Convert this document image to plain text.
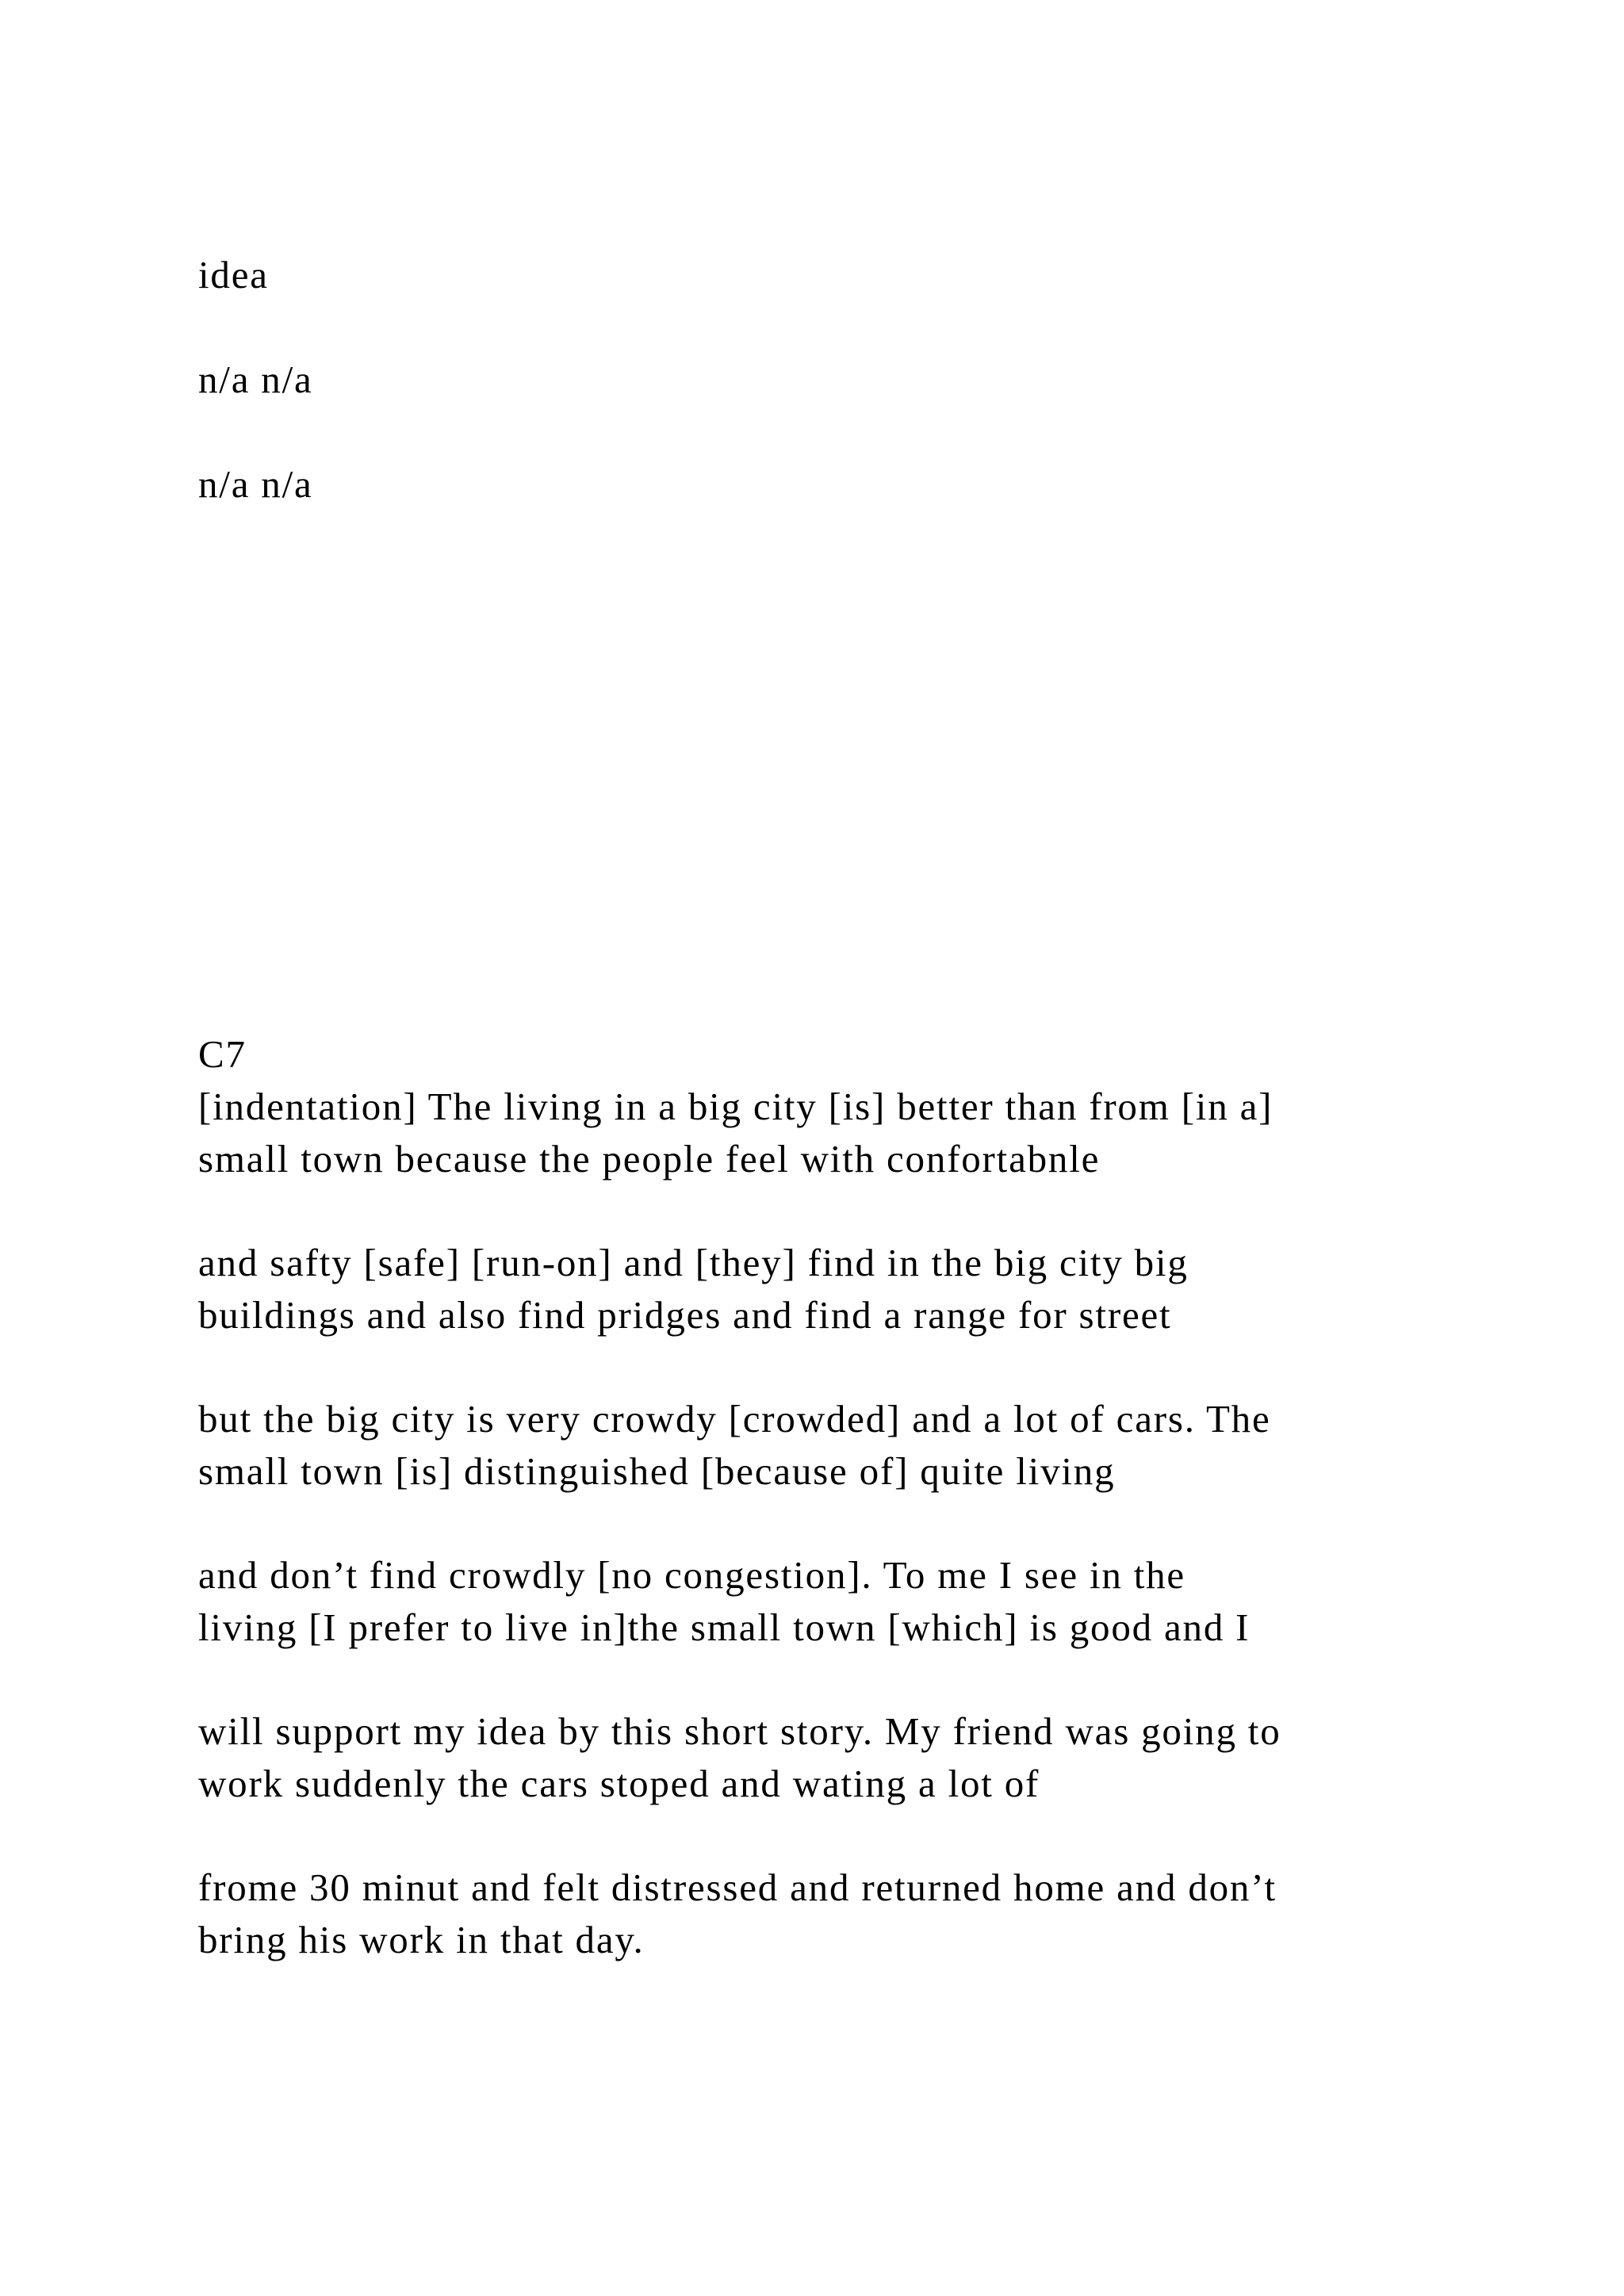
idea
n/a n/a
n/a n/a
C7
[indentation] The living in a big city [is] better than from [in a]
small town because the people feel with confortabnle
and safty [safe] [run-on] and [they] find in the big city big
buildings and also find pridges and find a range for street
but the big city is very crowdy [crowded] and a lot of cars. The
small town [is] distinguished [because of] quite living
and don’t find crowdly [no congestion]. To me I see in the
living [I prefer to live in]the small town [which] is good and I
will support my idea by this short story. My friend was going to
work suddenly the cars stoped and wating a lot of
frome 30 minut and felt distressed and returned home and don’t
bring his work in that day.
